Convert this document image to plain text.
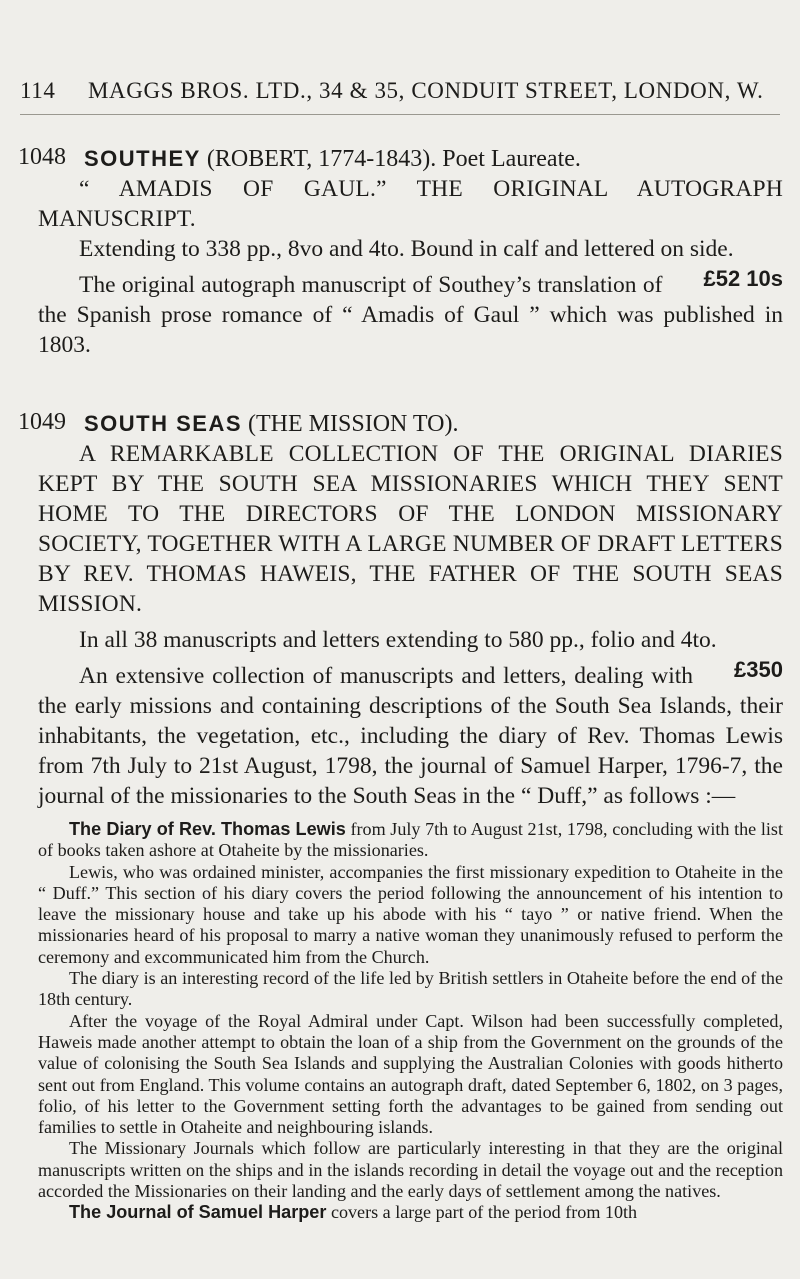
114 MAGGS BROS. LTD., 34 & 35, CONDUIT STREET, LONDON, W.
1048 SOUTHEY (ROBERT, 1774-1843). Poet Laureate.

“ AMADIS OF GAUL.” THE ORIGINAL AUTOGRAPH MANUSCRIPT.

Extending to 338 pp., 8vo and 4to. Bound in calf and lettered on side.
£52 10s

The original autograph manuscript of Southey’s translation of the Spanish prose romance of “ Amadis of Gaul ” which was published in 1803.

1049 SOUTH SEAS (THE MISSION TO).

A REMARKABLE COLLECTION OF THE ORIGINAL DIARIES KEPT BY THE SOUTH SEA MISSIONARIES WHICH THEY SENT HOME TO THE DIRECTORS OF THE LONDON MISSIONARY SOCIETY, TOGETHER WITH A LARGE NUMBER OF DRAFT LETTERS BY REV. THOMAS HAWEIS, THE FATHER OF THE SOUTH SEAS MISSION.

In all 38 manuscripts and letters extending to 580 pp., folio and 4to.
£350

An extensive collection of manuscripts and letters, dealing with the early missions and containing descriptions of the South Sea Islands, their inhabitants, the vegetation, etc., including the diary of Rev. Thomas Lewis from 7th July to 21st August, 1798, the journal of Samuel Harper, 1796-7, the journal of the missionaries to the South Seas in the “ Duff,” as follows :—

The Diary of Rev. Thomas Lewis from July 7th to August 21st, 1798, concluding with the list of books taken ashore at Otaheite by the missionaries.

Lewis, who was ordained minister, accompanies the first missionary expedition to Otaheite in the “ Duff.” This section of his diary covers the period following the announcement of his intention to leave the missionary house and take up his abode with his “ tayo ” or native friend. When the missionaries heard of his proposal to marry a native woman they unanimously refused to perform the ceremony and excommunicated him from the Church.

The diary is an interesting record of the life led by British settlers in Otaheite before the end of the 18th century.

After the voyage of the Royal Admiral under Capt. Wilson had been successfully completed, Haweis made another attempt to obtain the loan of a ship from the Government on the grounds of the value of colonising the South Sea Islands and supplying the Australian Colonies with goods hitherto sent out from England. This volume contains an autograph draft, dated September 6, 1802, on 3 pages, folio, of his letter to the Government setting forth the advantages to be gained from sending out families to settle in Otaheite and neighbouring islands.

The Missionary Journals which follow are particularly interesting in that they are the original manuscripts written on the ships and in the islands recording in detail the voyage out and the reception accorded the Missionaries on their landing and the early days of settlement among the natives.

The Journal of Samuel Harper covers a large part of the period from 10th
